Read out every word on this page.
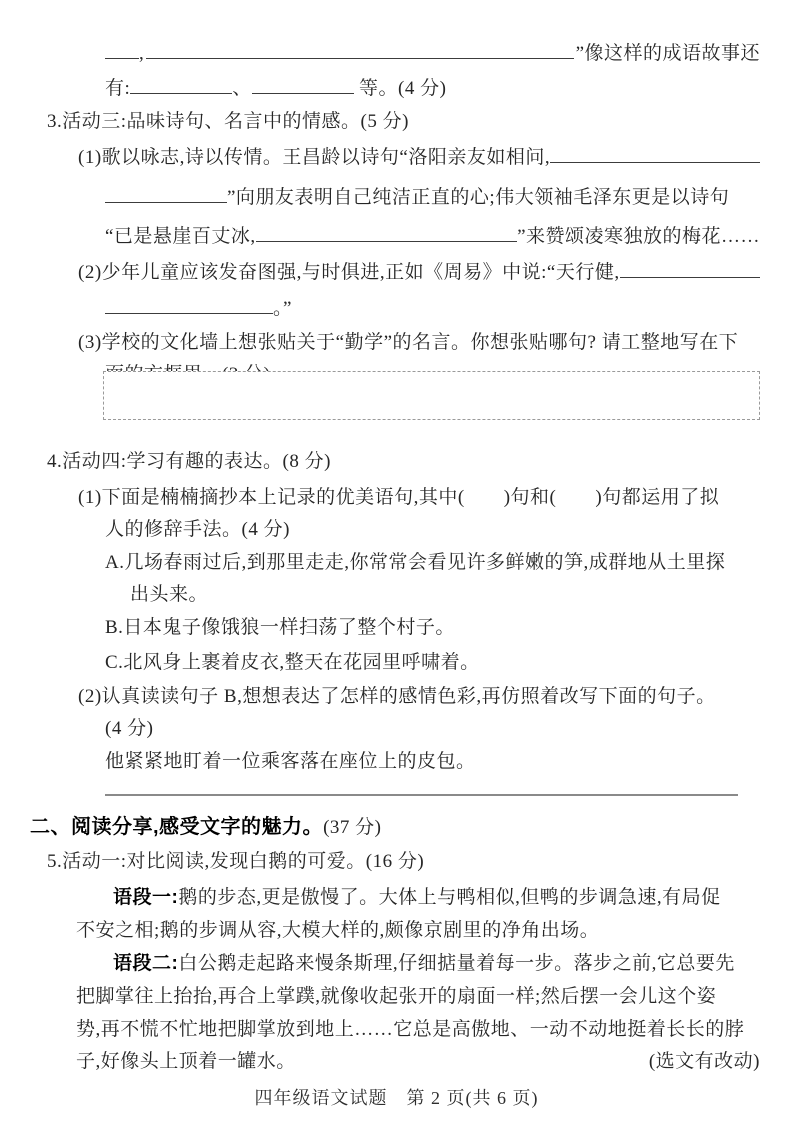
,	”像这样的成语故事还
有:	、	等。(4 分)
3.活动三:品味诗句、名言中的情感。(5 分)
(1)歌以咏志,诗以传情。王昌龄以诗句“洛阳亲友如相问,
”向朋友表明自己纯洁正直的心;伟大领袖毛泽东更是以诗句
“已是悬崖百丈冰,	”来赞颂凌寒独放的梅花……
(2)少年儿童应该发奋图强,与时俱进,正如《周易》中说:“天行健,
。”
(3)学校的文化墙上想张贴关于“勤学”的名言。你想张贴哪句? 请工整地写在下
4.活动四:学习有趣的表达。(8 分)
(1)下面是楠楠摘抄本上记录的优美语句,其中(　　)句和(　　)句都运用了拟
人的修辞手法。(4 分)
A.几场春雨过后,到那里走走,你常常会看见许多鲜嫩的笋,成群地从土里探
出头来。
B.日本鬼子像饿狼一样扫荡了整个村子。
C.北风身上裹着皮衣,整天在花园里呼啸着。
(2)认真读读句子 B,想想表达了怎样的感情色彩,再仿照着改写下面的句子。
(4 分)
他紧紧地盯着一位乘客落在座位上的皮包。
二、阅读分享,感受文字的魅力。(37 分)
5.活动一:对比阅读,发现白鹅的可爱。(16 分)
语段一:鹅的步态,更是傲慢了。大体上与鸭相似,但鸭的步调急速,有局促
不安之相;鹅的步调从容,大模大样的,颇像京剧里的净角出场。
语段二:白公鹅走起路来慢条斯理,仔细掂量着每一步。落步之前,它总要先
把脚掌往上抬抬,再合上掌蹼,就像收起张开的扇面一样;然后摆一会儿这个姿
势,再不慌不忙地把脚掌放到地上……它总是高傲地、一动不动地挺着长长的脖
子,好像头上顶着一罐水。	(选文有改动)
四年级语文试题　第 2 页(共 6 页)
